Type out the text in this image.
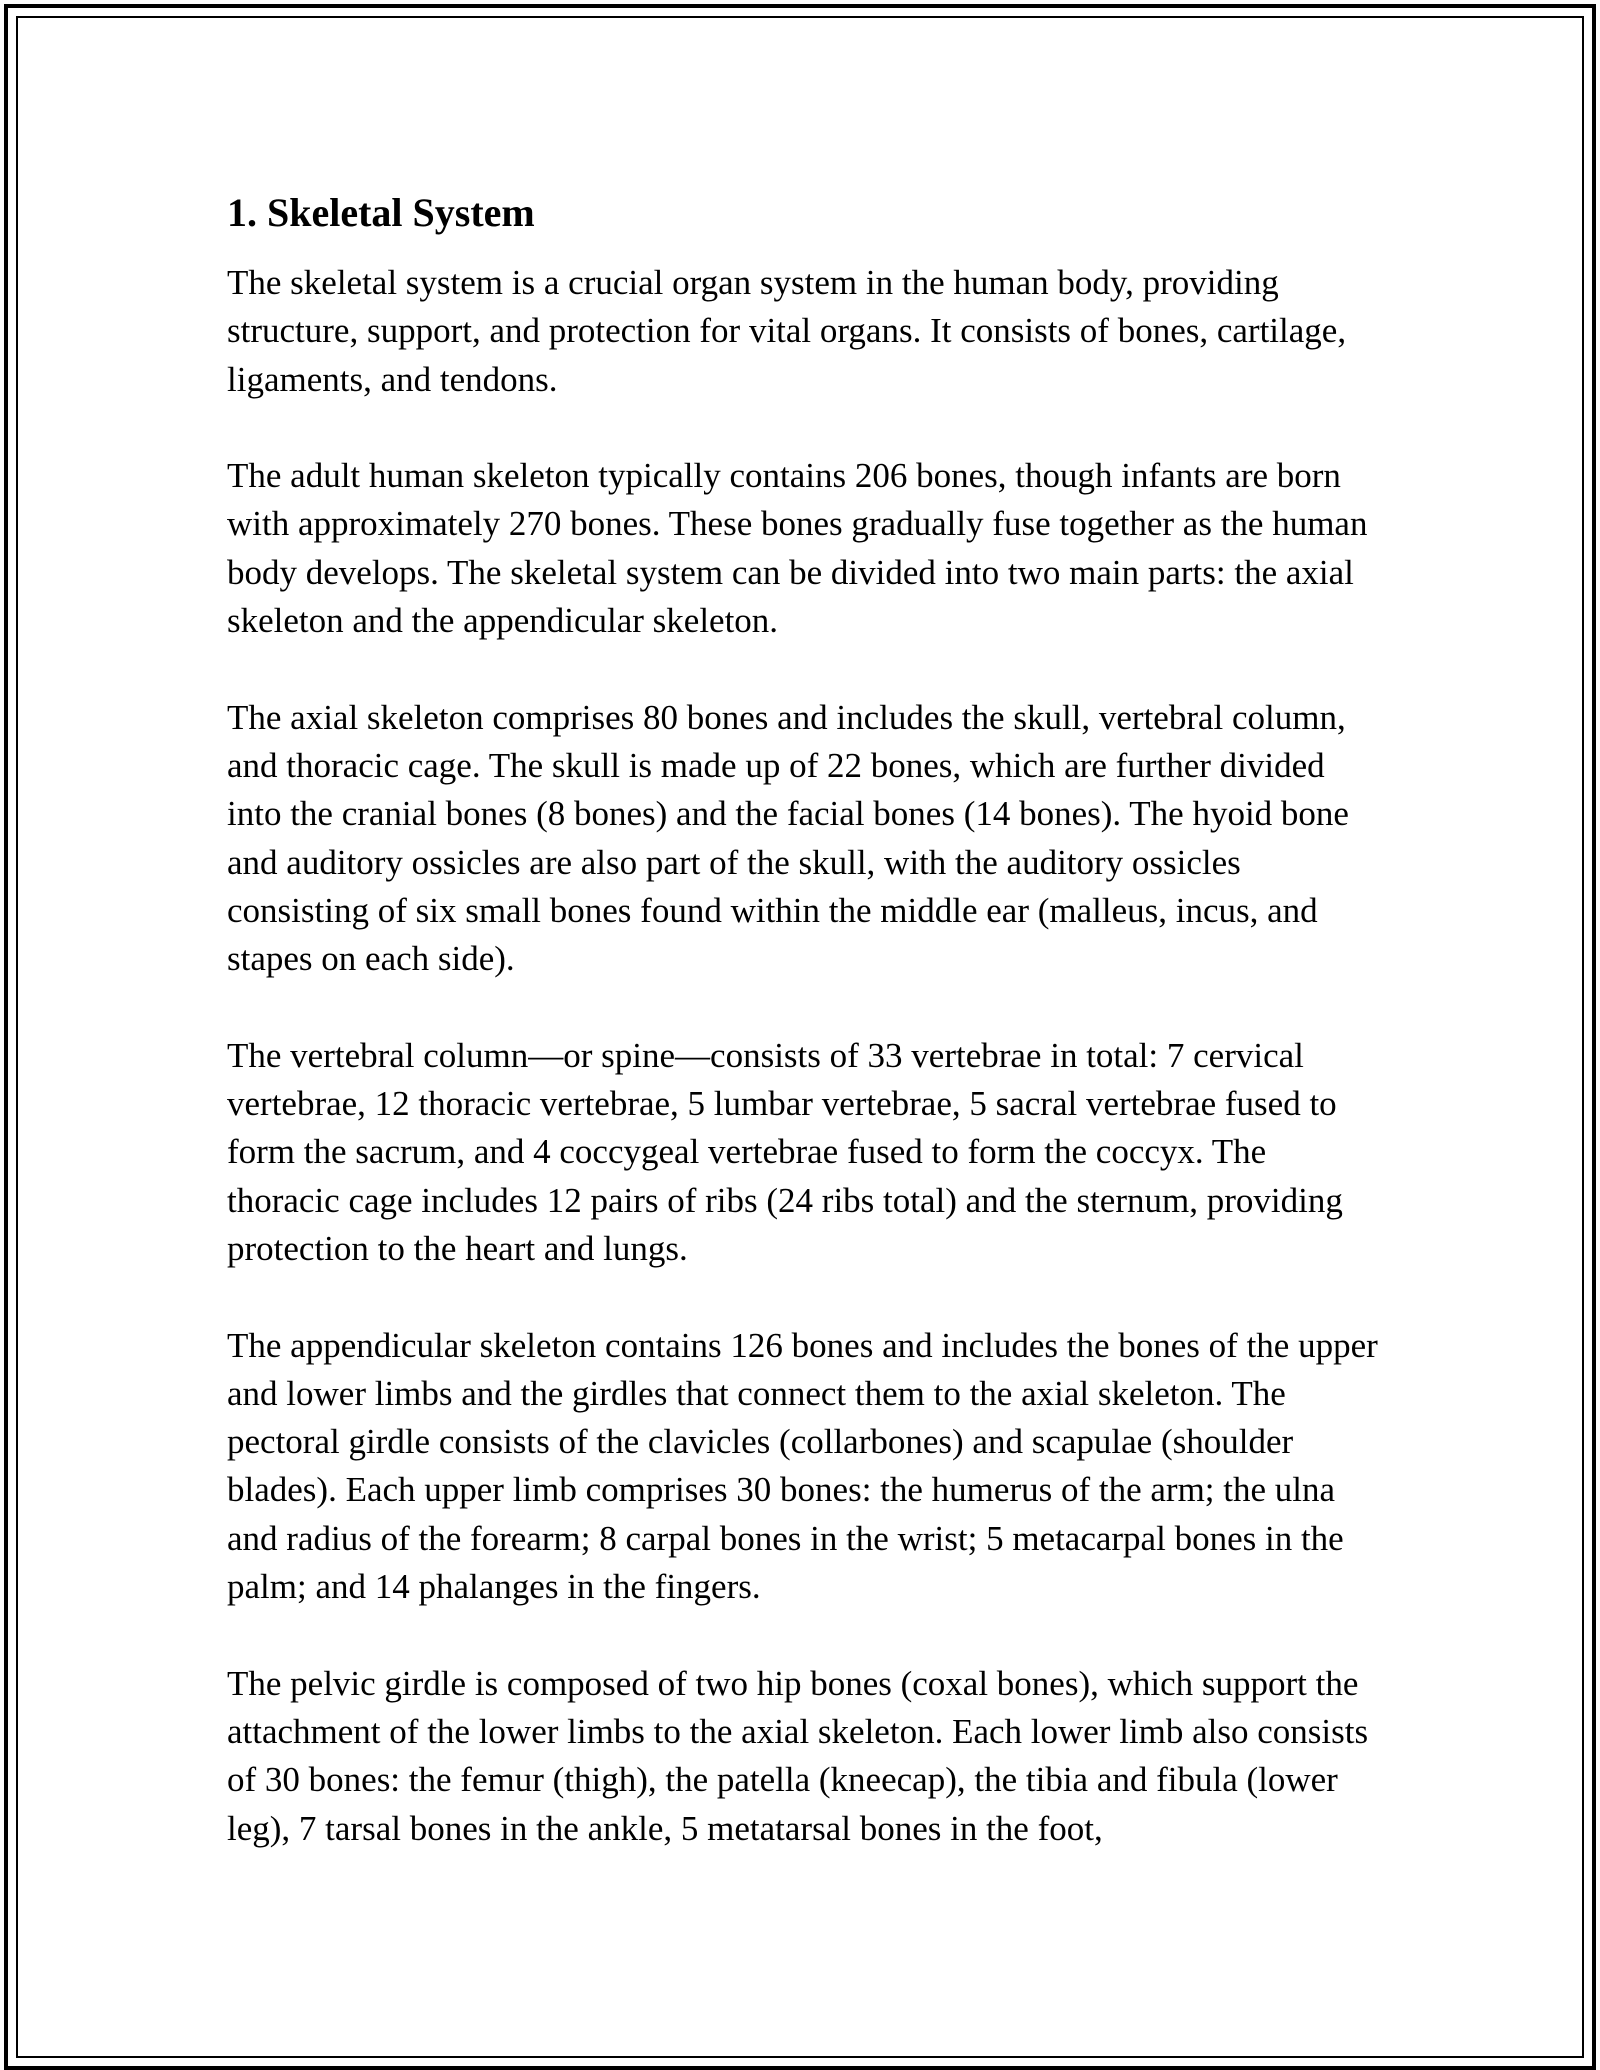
1. Skeletal System

The skeletal system is a crucial organ system in the human body, providing structure, support, and protection for vital organs. It consists of bones, cartilage, ligaments, and tendons.

The adult human skeleton typically contains 206 bones, though infants are born with approximately 270 bones. These bones gradually fuse together as the human body develops. The skeletal system can be divided into two main parts: the axial skeleton and the appendicular skeleton.

The axial skeleton comprises 80 bones and includes the skull, vertebral column, and thoracic cage. The skull is made up of 22 bones, which are further divided into the cranial bones (8 bones) and the facial bones (14 bones). The hyoid bone and auditory ossicles are also part of the skull, with the auditory ossicles consisting of six small bones found within the middle ear (malleus, incus, and stapes on each side).

The vertebral column—or spine—consists of 33 vertebrae in total: 7 cervical vertebrae, 12 thoracic vertebrae, 5 lumbar vertebrae, 5 sacral vertebrae fused to form the sacrum, and 4 coccygeal vertebrae fused to form the coccyx. The thoracic cage includes 12 pairs of ribs (24 ribs total) and the sternum, providing protection to the heart and lungs.

The appendicular skeleton contains 126 bones and includes the bones of the upper and lower limbs and the girdles that connect them to the axial skeleton. The pectoral girdle consists of the clavicles (collarbones) and scapulae (shoulder blades). Each upper limb comprises 30 bones: the humerus of the arm; the ulna and radius of the forearm; 8 carpal bones in the wrist; 5 metacarpal bones in the palm; and 14 phalanges in the fingers.

The pelvic girdle is composed of two hip bones (coxal bones), which support the attachment of the lower limbs to the axial skeleton. Each lower limb also consists of 30 bones: the femur (thigh), the patella (kneecap), the tibia and fibula (lower leg), 7 tarsal bones in the ankle, 5 metatarsal bones in the foot,
